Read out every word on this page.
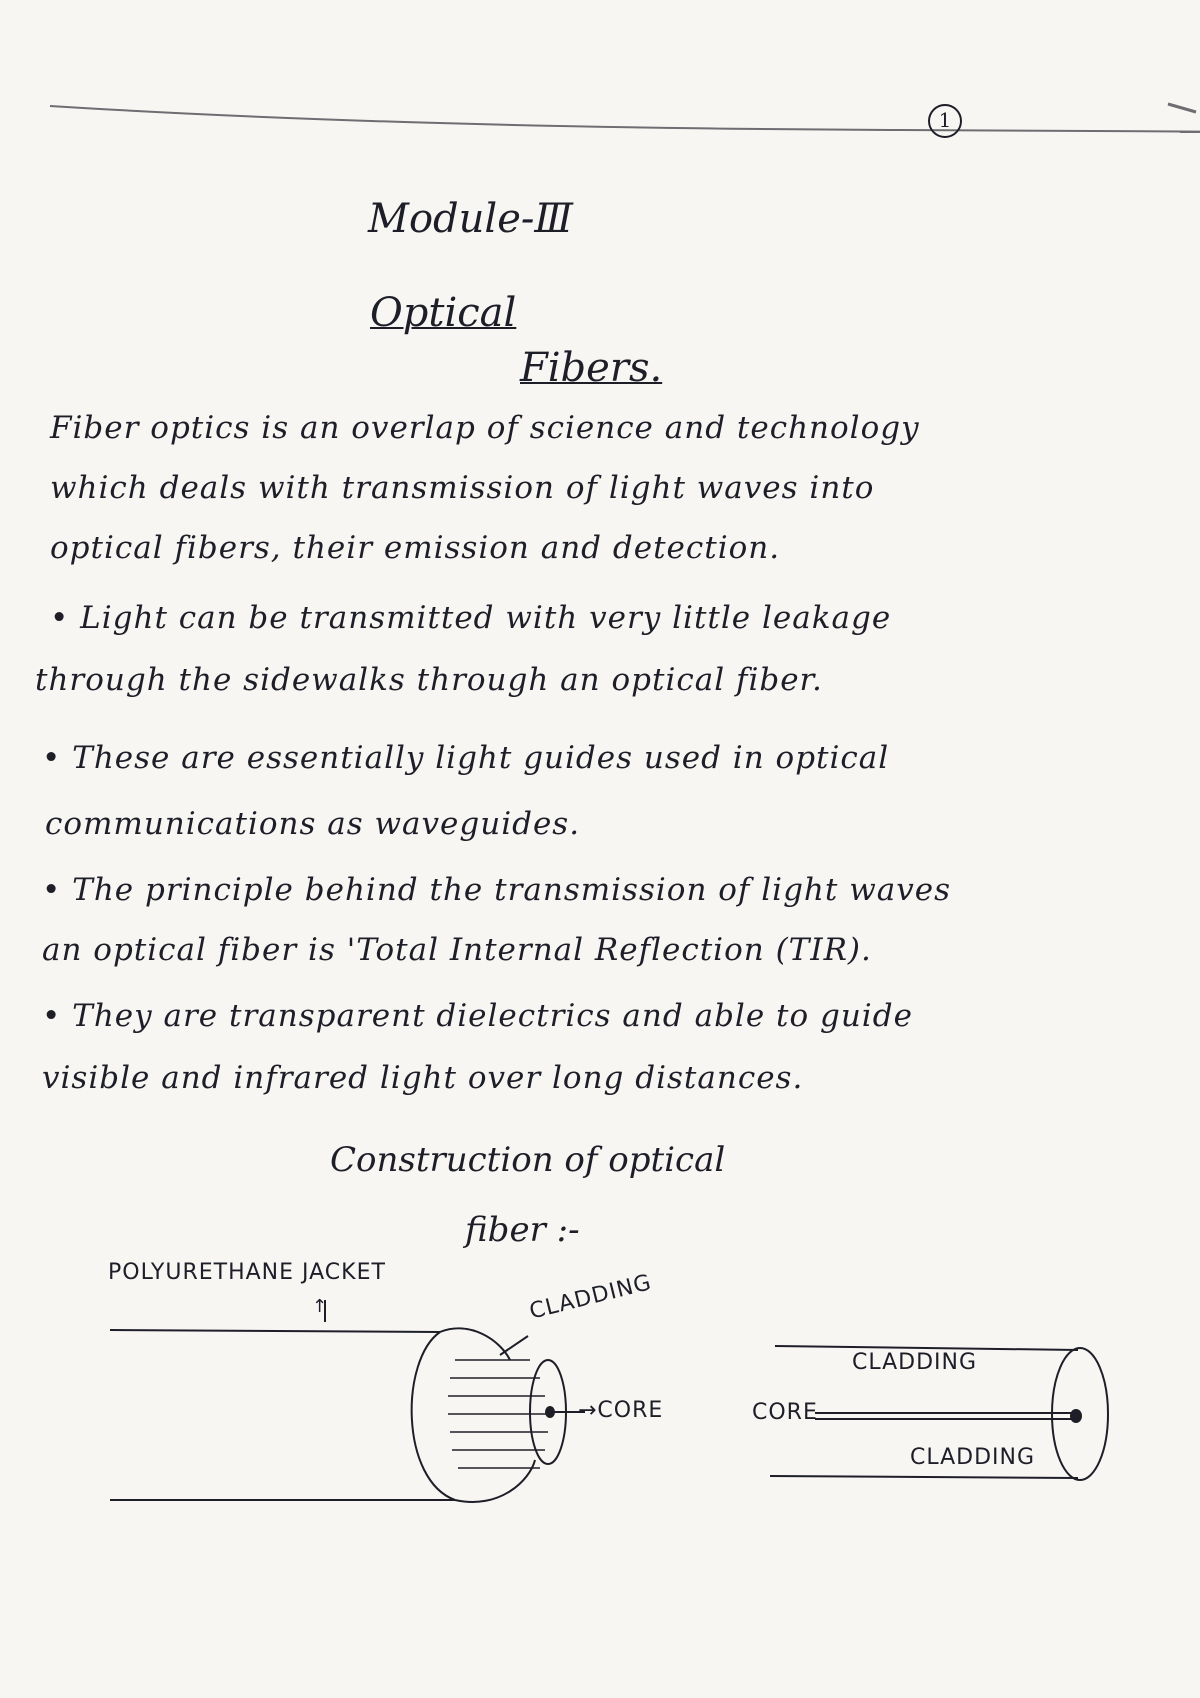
1
Module-Ⅲ
Optical
Fibers.
Fiber optics is an overlap of science and technology
which deals with transmission of light waves into
optical fibers, their emission and detection.
• Light can be transmitted with very little leakage
through the sidewalks through an optical fiber.
• These are essentially light guides used in optical
communications as waveguides.
• The principle behind the transmission of light waves
an optical fiber is 'Total Internal Reflection (TIR).
• They are transparent dielectrics and able to guide
visible and infrared light over long distances.
Construction of optical
fiber :-
POLYURETHANE JACKET
↑	CLADDING
→CORE
CLADDING
CORE
CLADDING
